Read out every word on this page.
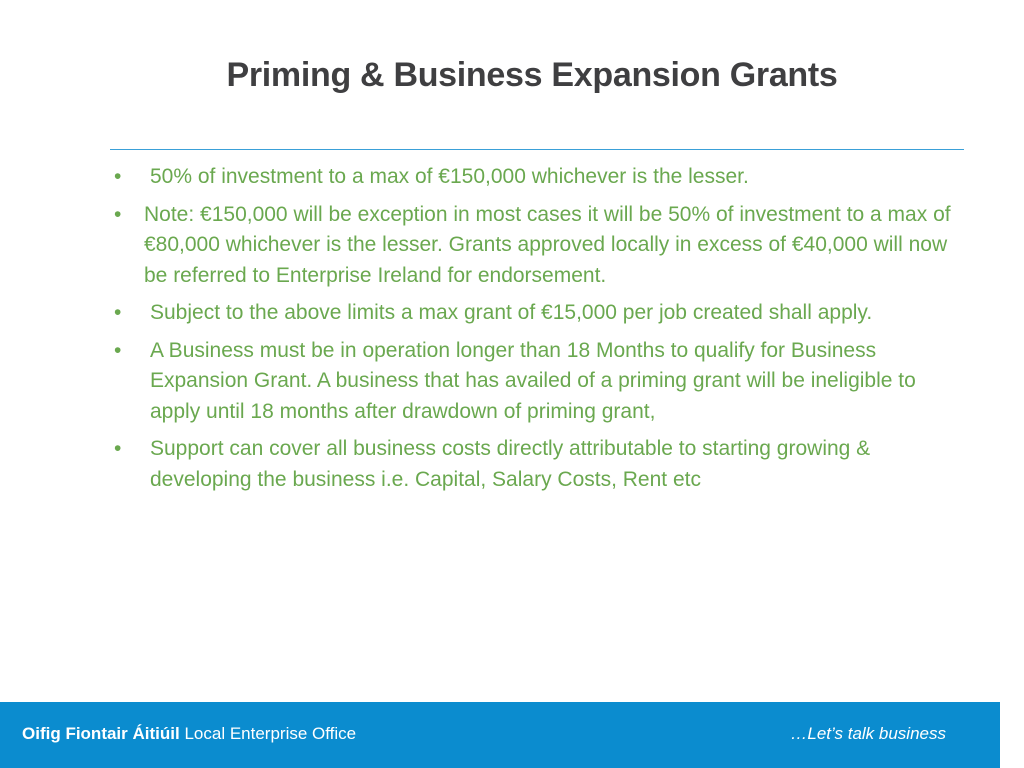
Priming & Business Expansion Grants
•	50% of investment to a max of €150,000 whichever is the lesser.
•	Note: €150,000 will be exception in most cases it will be 50% of investment to a max of €80,000 whichever is the lesser. Grants approved locally in excess of €40,000 will now be referred to Enterprise Ireland for endorsement.
•	Subject to the above limits a max grant of €15,000 per job created shall apply.
•	A Business must be in operation longer than 18 Months to qualify for Business Expansion Grant. A business that has availed of a priming grant will be ineligible to apply until 18 months after drawdown of priming grant,
•	Support can cover all business costs directly attributable to starting growing & developing the business i.e. Capital, Salary Costs, Rent etc
Oifig Fiontair Áitiúil Local Enterprise Office	…Let’s talk business
